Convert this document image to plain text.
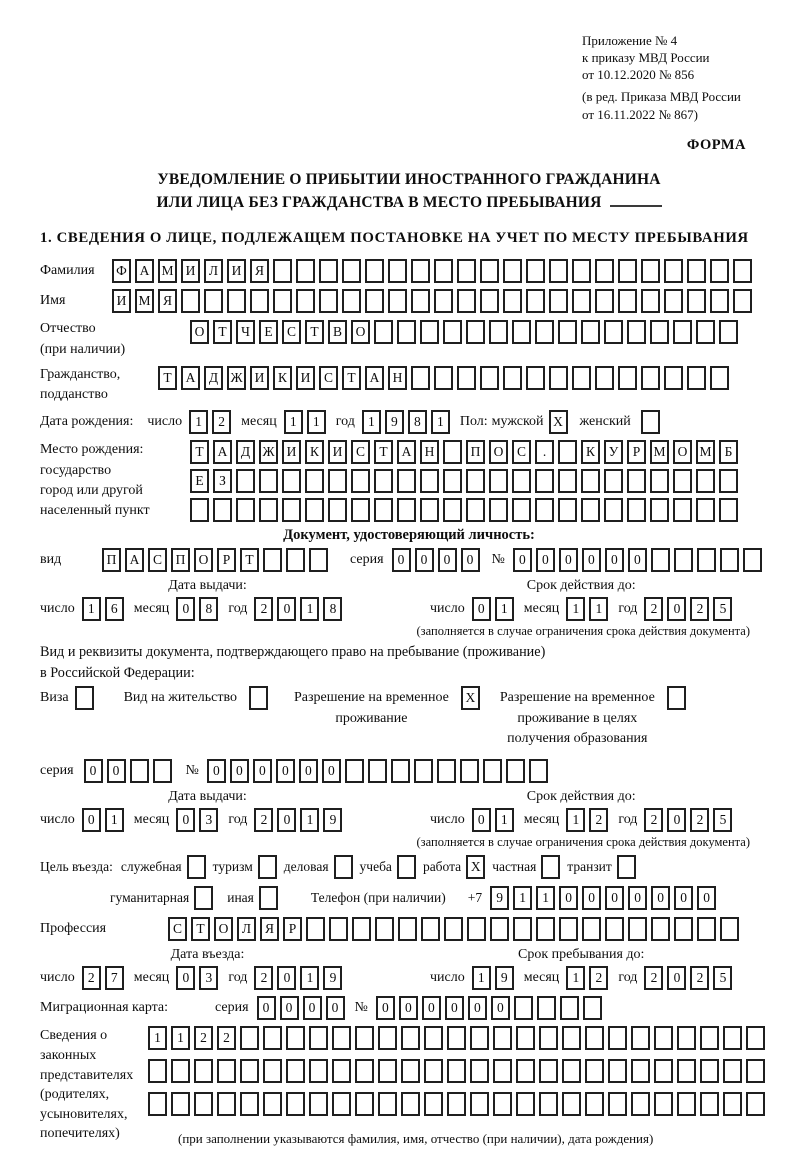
Приложение № 4
к приказу МВД России
от 10.12.2020 № 856
(в ред. Приказа МВД России
от 16.11.2022 № 867)
ФОРМА
УВЕДОМЛЕНИЕ О ПРИБЫТИИ ИНОСТРАННОГО ГРАЖДАНИНА
ИЛИ ЛИЦА БЕЗ ГРАЖДАНСТВА В МЕСТО ПРЕБЫВАНИЯ
1. СВЕДЕНИЯ О ЛИЦЕ, ПОДЛЕЖАЩЕМ ПОСТАНОВКЕ НА УЧЕТ ПО МЕСТУ ПРЕБЫВАНИЯ
Фамилия	Ф А М И	Л	И	Я
Имя	И М Я
Отчество
(при наличии)
О	Т	Ч	Е	С	Т	В	О
Гражданство,
подданство
Т	А	Д Ж И	К	И	С	Т	А Н
Дата рождения: число 1	2	месяц 1	1	год 1	9	8	1	Пол: мужской X	женский
Место рождения:
государство
город или другой
населенный пункт
Т	А	Д Ж И	К	И	С	Т	А Н	П О	С	.	К	У	Р М О М Б
Е	З
Документ, удостоверяющий личность:
вид	П А	С	П О	Р	Т	серия	0	0	0	0	№	0	0	0	0	0	0
Дата выдачи:
число 1	6	месяц 0	8	год 2	0	1	8
Срок действия до:
число 0	1	месяц 1	1	год 2	0	2	5
(заполняется в случае ограничения срока действия документа)
Вид и реквизиты документа, подтверждающего право на пребывание (проживание)
в Российской Федерации:
Виза	Вид на жительство	Разрешение на временное
проживание
X	Разрешение на временное
проживание в целях
получения образования
серия	0	0	№	0	0	0	0	0	0
Дата выдачи:
число 0	1	месяц 0	3	год 2	0	1	9
Срок действия до:
число 0	1	месяц 1	2	год 2	0	2	5
(заполняется в случае ограничения срока действия документа)
Цель въезда: служебная туризм деловая учеба работа X частная транзит
гуманитарная	иная	Телефон (при наличии) +7	9	1	1	0	0	0	0	0	0	0
Профессия	С	Т	О	Л	Я	Р
Дата въезда:
число 2	7	месяц 0	3	год 2	0	1	9
Срок пребывания до:
число 1	9	месяц 1	2	год 2	0	2	5
Миграционная карта:	серия	0	0	0	0	№	0	0	0	0	0	0
Сведения о
законных
представителях
(родителях,
усыновителях,
попечителях)
1	1	2	2
(при заполнении указываются фамилия, имя, отчество (при наличии), дата рождения)
